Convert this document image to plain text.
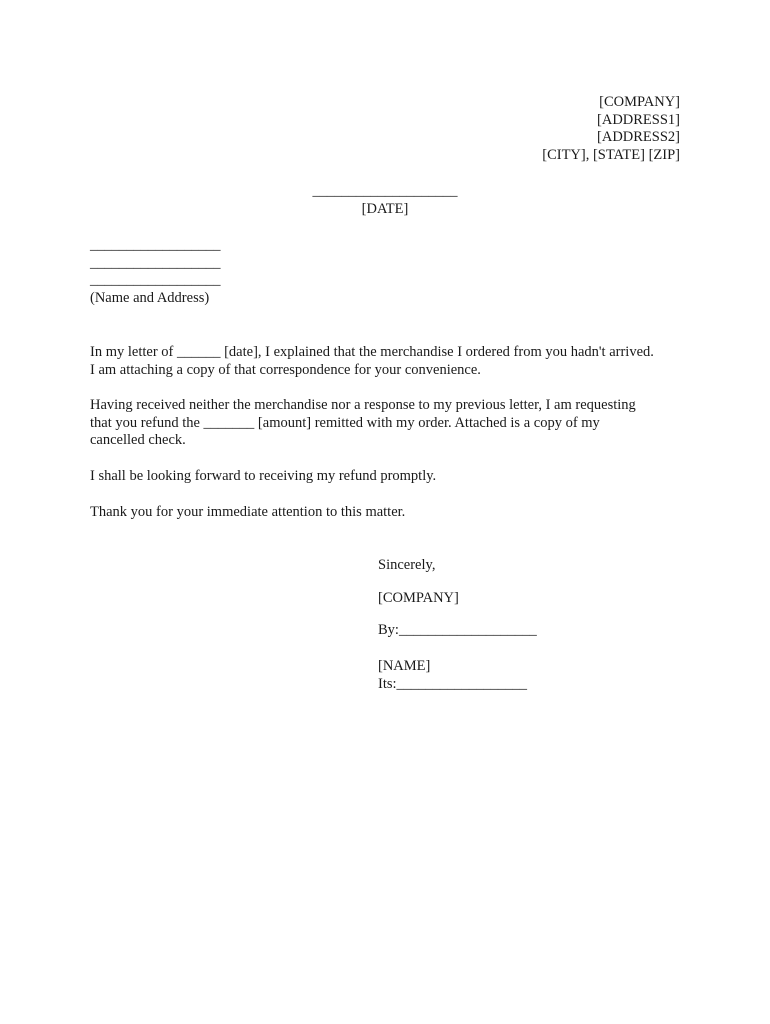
[COMPANY]
[ADDRESS1]
[ADDRESS2]
[CITY], [STATE] [ZIP]
____________________
[DATE]
__________________
__________________
__________________
(Name and Address)
In my letter of ______ [date], I explained that the merchandise I ordered from you hadn't arrived.
I am attaching a copy of that correspondence for your convenience.
Having received neither the merchandise nor a response to my previous letter, I am requesting
that you refund the _______ [amount] remitted with my order. Attached is a copy of my
cancelled check.
I shall be looking forward to receiving my refund promptly.
Thank you for your immediate attention to this matter.
Sincerely,
[COMPANY]
By:___________________
[NAME]
Its:__________________
